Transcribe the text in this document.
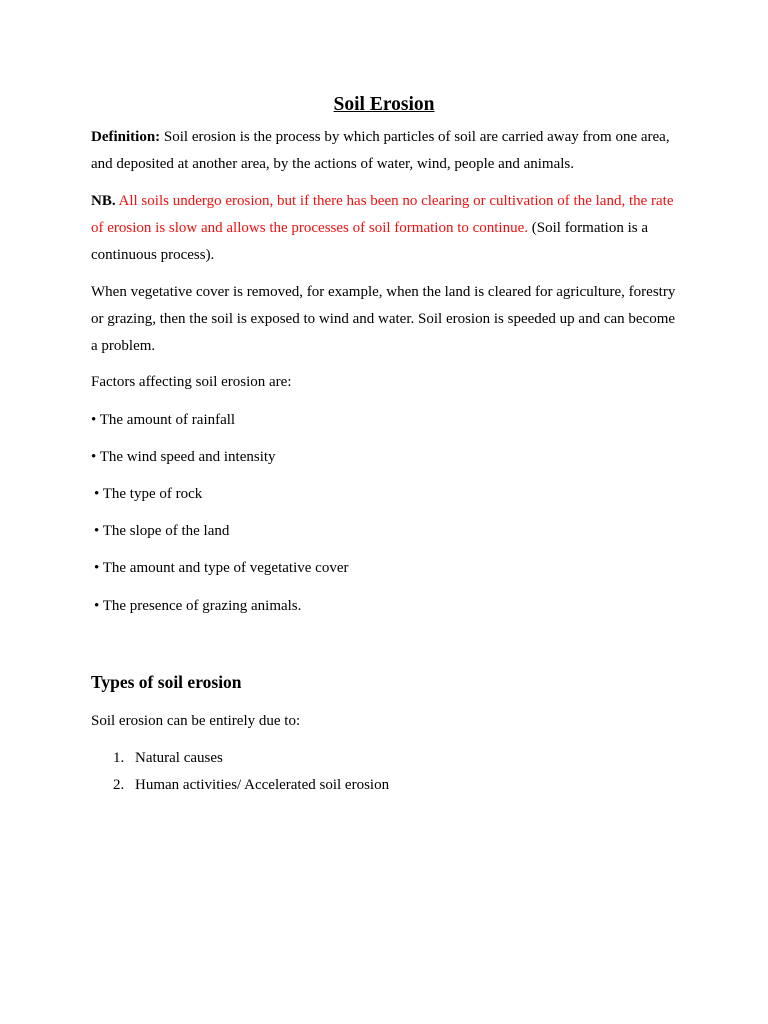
Soil Erosion

Definition: Soil erosion is the process by which particles of soil are carried away from one area, and deposited at another area, by the actions of water, wind, people and animals.

NB. All soils undergo erosion, but if there has been no clearing or cultivation of the land, the rate of erosion is slow and allows the processes of soil formation to continue. (Soil formation is a continuous process).

When vegetative cover is removed, for example, when the land is cleared for agriculture, forestry or grazing, then the soil is exposed to wind and water. Soil erosion is speeded up and can become a problem.

Factors affecting soil erosion are:

• The amount of rainfall
• The wind speed and intensity
• The type of rock
• The slope of the land
• The amount and type of vegetative cover
• The presence of grazing animals.
Types of soil erosion
Soil erosion can be entirely due to:
1. Natural causes
2. Human activities/ Accelerated soil erosion
